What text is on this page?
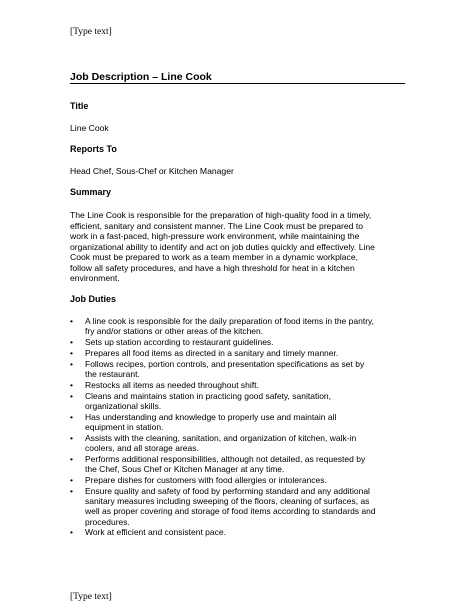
[Type text]
Job Description – Line Cook
Title
Line Cook
Reports To
Head Chef, Sous-Chef or Kitchen Manager
Summary
The Line Cook is responsible for the preparation of high-quality food in a timely,
efficient, sanitary and consistent manner. The Line Cook must be prepared to
work in a fast-paced, high-pressure work environment, while maintaining the
organizational ability to identify and act on job duties quickly and effectively. Line
Cook must be prepared to work as a team member in a dynamic workplace,
follow all safety procedures, and have a high threshold for heat in a kitchen
environment.
Job Duties
•	A line cook is responsible for the daily preparation of food items in the pantry,
fry and/or stations or other areas of the kitchen.
•	Sets up station according to restaurant guidelines.
•	Prepares all food items as directed in a sanitary and timely manner.
•	Follows recipes, portion controls, and presentation specifications as set by
the restaurant.
•	Restocks all items as needed throughout shift.
•	Cleans and maintains station in practicing good safety, sanitation,
organizational skills.
•	Has understanding and knowledge to properly use and maintain all
equipment in station.
•	Assists with the cleaning, sanitation, and organization of kitchen, walk-in
coolers, and all storage areas.
•	Performs additional responsibilities, although not detailed, as requested by
the Chef, Sous Chef or Kitchen Manager at any time.
•	Prepare dishes for customers with food allergies or intolerances.
•	Ensure quality and safety of food by performing standard and any additional
sanitary measures including sweeping of the floors, cleaning of surfaces, as
well as proper covering and storage of food items according to standards and
procedures.
•	Work at efficient and consistent pace.
[Type text]
